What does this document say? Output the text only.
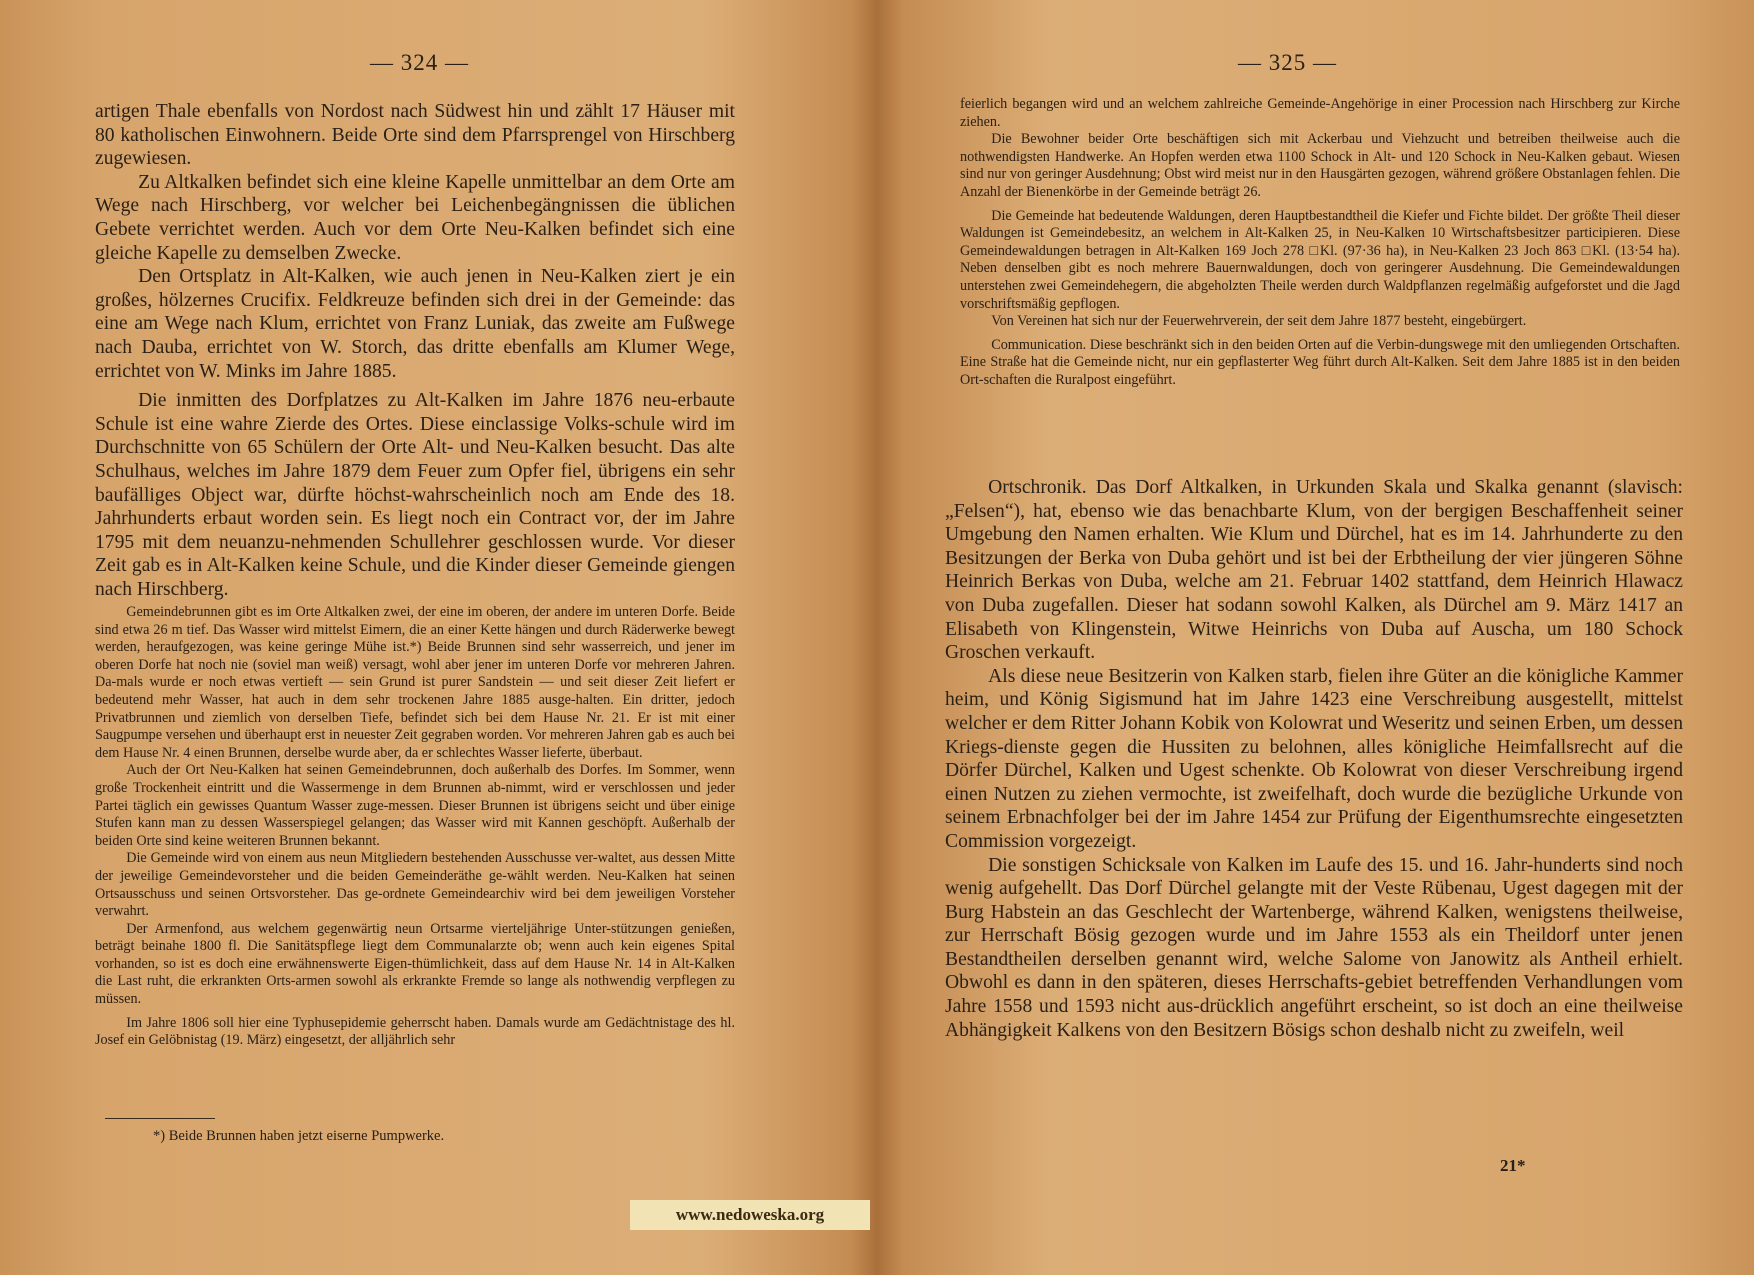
— 324 —

artigen Thale ebenfalls von Nordost nach Südwest hin und zählt 17 Häuser mit 80 katholischen Einwohnern. Beide Orte sind dem Pfarrsprengel von Hirschberg zugewiesen.

Zu Altkalken befindet sich eine kleine Kapelle unmittelbar an dem Orte am Wege nach Hirschberg, vor welcher bei Leichenbegängnissen die üblichen Gebete verrichtet werden. Auch vor dem Orte Neu-Kalken befindet sich eine gleiche Kapelle zu demselben Zwecke.

Den Ortsplatz in Alt-Kalken, wie auch jenen in Neu-Kalken ziert je ein großes, hölzernes Crucifix. Feldkreuze befinden sich drei in der Gemeinde: das eine am Wege nach Klum, errichtet von Franz Luniak, das zweite am Fußwege nach Dauba, errichtet von W. Storch, das dritte ebenfalls am Klumer Wege, errichtet von W. Minks im Jahre 1885.

Die inmitten des Dorfplatzes zu Alt-Kalken im Jahre 1876 neu-erbaute Schule ist eine wahre Zierde des Ortes. Diese einclassige Volks-schule wird im Durchschnitte von 65 Schülern der Orte Alt- und Neu-Kalken besucht. Das alte Schulhaus, welches im Jahre 1879 dem Feuer zum Opfer fiel, übrigens ein sehr baufälliges Object war, dürfte höchst-wahrscheinlich noch am Ende des 18. Jahrhunderts erbaut worden sein. Es liegt noch ein Contract vor, der im Jahre 1795 mit dem neuanzu-nehmenden Schullehrer geschlossen wurde. Vor dieser Zeit gab es in Alt-Kalken keine Schule, und die Kinder dieser Gemeinde giengen nach Hirschberg.

Gemeindebrunnen gibt es im Orte Altkalken zwei, der eine im oberen, der andere im unteren Dorfe. Beide sind etwa 26 m tief. Das Wasser wird mittelst Eimern, die an einer Kette hängen und durch Räderwerke bewegt werden, heraufgezogen, was keine geringe Mühe ist.*) Beide Brunnen sind sehr wasserreich, und jener im oberen Dorfe hat noch nie (soviel man weiß) versagt, wohl aber jener im unteren Dorfe vor mehreren Jahren. Da-mals wurde er noch etwas vertieft — sein Grund ist purer Sandstein — und seit dieser Zeit liefert er bedeutend mehr Wasser, hat auch in dem sehr trockenen Jahre 1885 ausge-halten. Ein dritter, jedoch Privatbrunnen und ziemlich von derselben Tiefe, befindet sich bei dem Hause Nr. 21. Er ist mit einer Saugpumpe versehen und überhaupt erst in neuester Zeit gegraben worden. Vor mehreren Jahren gab es auch bei dem Hause Nr. 4 einen Brunnen, derselbe wurde aber, da er schlechtes Wasser lieferte, überbaut.

Auch der Ort Neu-Kalken hat seinen Gemeindebrunnen, doch außerhalb des Dorfes. Im Sommer, wenn große Trockenheit eintritt und die Wassermenge in dem Brunnen ab-nimmt, wird er verschlossen und jeder Partei täglich ein gewisses Quantum Wasser zuge-messen. Dieser Brunnen ist übrigens seicht und über einige Stufen kann man zu dessen Wasserspiegel gelangen; das Wasser wird mit Kannen geschöpft. Außerhalb der beiden Orte sind keine weiteren Brunnen bekannt.

Die Gemeinde wird von einem aus neun Mitgliedern bestehenden Ausschusse ver-waltet, aus dessen Mitte der jeweilige Gemeindevorsteher und die beiden Gemeinderäthe ge-wählt werden. Neu-Kalken hat seinen Ortsausschuss und seinen Ortsvorsteher. Das ge-ordnete Gemeindearchiv wird bei dem jeweiligen Vorsteher verwahrt.

Der Armenfond, aus welchem gegenwärtig neun Ortsarme vierteljährige Unter-stützungen genießen, beträgt beinahe 1800 fl. Die Sanitätspflege liegt dem Communalarzte ob; wenn auch kein eigenes Spital vorhanden, so ist es doch eine erwähnenswerte Eigen-thümlichkeit, dass auf dem Hause Nr. 14 in Alt-Kalken die Last ruht, die erkrankten Orts-armen sowohl als erkrankte Fremde so lange als nothwendig verpflegen zu müssen.

Im Jahre 1806 soll hier eine Typhusepidemie geherrscht haben. Damals wurde am Gedächtnistage des hl. Josef ein Gelöbnistag (19. März) eingesetzt, der alljährlich sehr

*) Beide Brunnen haben jetzt eiserne Pumpwerke.
— 325 —

feierlich begangen wird und an welchem zahlreiche Gemeinde-Angehörige in einer Procession nach Hirschberg zur Kirche ziehen.

Die Bewohner beider Orte beschäftigen sich mit Ackerbau und Viehzucht und betreiben theilweise auch die nothwendigsten Handwerke. An Hopfen werden etwa 1100 Schock in Alt- und 120 Schock in Neu-Kalken gebaut. Wiesen sind nur von geringer Ausdehnung; Obst wird meist nur in den Hausgärten gezogen, während größere Obstanlagen fehlen. Die Anzahl der Bienenkörbe in der Gemeinde beträgt 26.

Die Gemeinde hat bedeutende Waldungen, deren Hauptbestandtheil die Kiefer und Fichte bildet. Der größte Theil dieser Waldungen ist Gemeindebesitz, an welchem in Alt-Kalken 25, in Neu-Kalken 10 Wirtschaftsbesitzer participieren. Diese Gemeindewaldungen betragen in Alt-Kalken 169 Joch 278 □Kl. (97·36 ha), in Neu-Kalken 23 Joch 863 □Kl. (13·54 ha). Neben denselben gibt es noch mehrere Bauernwaldungen, doch von geringerer Ausdehnung. Die Gemeindewaldungen unterstehen zwei Gemeindehegern, die abgeholzten Theile werden durch Waldpflanzen regelmäßig aufgeforstet und die Jagd vorschriftsmäßig gepflogen.

Von Vereinen hat sich nur der Feuerwehrverein, der seit dem Jahre 1877 besteht, eingebürgert.

Communication. Diese beschränkt sich in den beiden Orten auf die Verbin-dungswege mit den umliegenden Ortschaften. Eine Straße hat die Gemeinde nicht, nur ein gepflasterter Weg führt durch Alt-Kalken. Seit dem Jahre 1885 ist in den beiden Ort-schaften die Ruralpost eingeführt.

Ortschronik. Das Dorf Altkalken, in Urkunden Skala und Skalka genannt (slavisch: „Felsen“), hat, ebenso wie das benachbarte Klum, von der bergigen Beschaffenheit seiner Umgebung den Namen erhalten. Wie Klum und Dürchel, hat es im 14. Jahrhunderte zu den Besitzungen der Berka von Duba gehört und ist bei der Erbtheilung der vier jüngeren Söhne Heinrich Berkas von Duba, welche am 21. Februar 1402 stattfand, dem Heinrich Hlawacz von Duba zugefallen. Dieser hat sodann sowohl Kalken, als Dürchel am 9. März 1417 an Elisabeth von Klingenstein, Witwe Heinrichs von Duba auf Auscha, um 180 Schock Groschen verkauft.

Als diese neue Besitzerin von Kalken starb, fielen ihre Güter an die königliche Kammer heim, und König Sigismund hat im Jahre 1423 eine Verschreibung ausgestellt, mittelst welcher er dem Ritter Johann Kobik von Kolowrat und Weseritz und seinen Erben, um dessen Kriegs-dienste gegen die Hussiten zu belohnen, alles königliche Heimfallsrecht auf die Dörfer Dürchel, Kalken und Ugest schenkte. Ob Kolowrat von dieser Verschreibung irgend einen Nutzen zu ziehen vermochte, ist zweifelhaft, doch wurde die bezügliche Urkunde von seinem Erbnachfolger bei der im Jahre 1454 zur Prüfung der Eigenthumsrechte eingesetzten Commission vorgezeigt.

Die sonstigen Schicksale von Kalken im Laufe des 15. und 16. Jahr-hunderts sind noch wenig aufgehellt. Das Dorf Dürchel gelangte mit der Veste Rübenau, Ugest dagegen mit der Burg Habstein an das Geschlecht der Wartenberge, während Kalken, wenigstens theilweise, zur Herrschaft Bösig gezogen wurde und im Jahre 1553 als ein Theildorf unter jenen Bestandtheilen derselben genannt wird, welche Salome von Janowitz als Antheil erhielt. Obwohl es dann in den späteren, dieses Herrschafts-gebiet betreffenden Verhandlungen vom Jahre 1558 und 1593 nicht aus-drücklich angeführt erscheint, so ist doch an eine theilweise Abhängigkeit Kalkens von den Besitzern Bösigs schon deshalb nicht zu zweifeln, weil

21*
www.nedoweska.org
